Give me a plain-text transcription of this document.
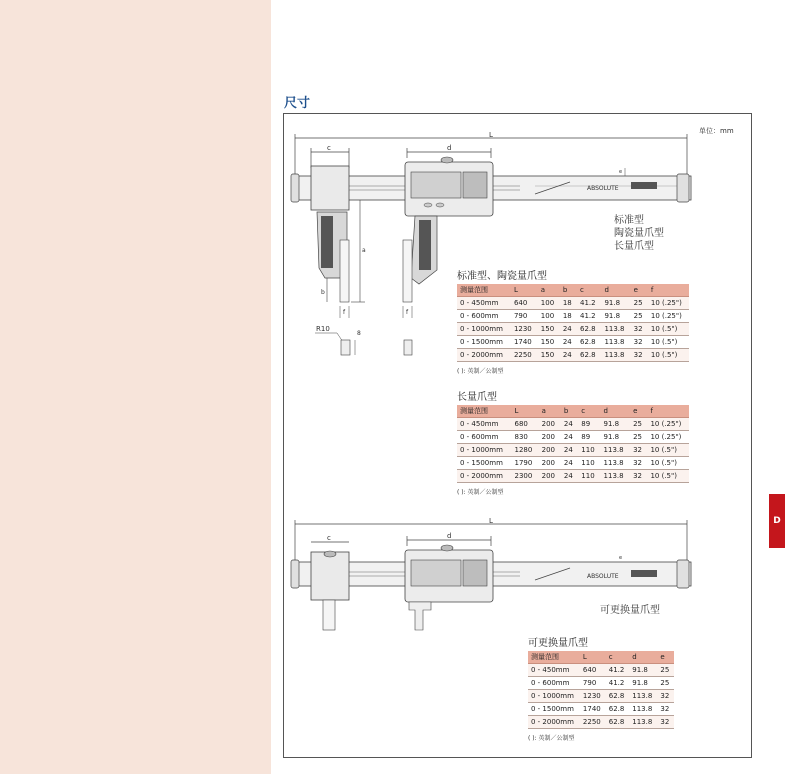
尺寸
单位：mm
D
ABSOLUTE
L
c	d
a
b
f	f
e
8
R10
标准型
陶瓷量爪型
长量爪型
标准型、陶瓷量爪型
测量范围	L	a	b	c	d	e	f
0 - 450mm	640	100	18	41.2	91.8	25	10 (.25")
0 - 600mm	790	100	18	41.2	91.8	25	10 (.25")
0 - 1000mm	1230	150	24	62.8	113.8	32	10 (.5")
0 - 1500mm	1740	150	24	62.8	113.8	32	10 (.5")
0 - 2000mm	2250	150	24	62.8	113.8	32	10 (.5")
( ): 英制／公制型
长量爪型
测量范围	L	a	b	c	d	e	f
0 - 450mm	680	200	24	89	91.8	25	10 (.25")
0 - 600mm	830	200	24	89	91.8	25	10 (.25")
0 - 1000mm	1280	200	24	110	113.8	32	10 (.5")
0 - 1500mm	1790	200	24	110	113.8	32	10 (.5")
0 - 2000mm	2300	200	24	110	113.8	32	10 (.5")
( ): 英制／公制型
ABSOLUTE
L
c	d
e
可更换量爪型
可更换量爪型
测量范围	L	c	d	e
0 - 450mm	640	41.2	91.8	25
0 - 600mm	790	41.2	91.8	25
0 - 1000mm	1230	62.8	113.8	32
0 - 1500mm	1740	62.8	113.8	32
0 - 2000mm	2250	62.8	113.8	32
( ): 英制／公制型
